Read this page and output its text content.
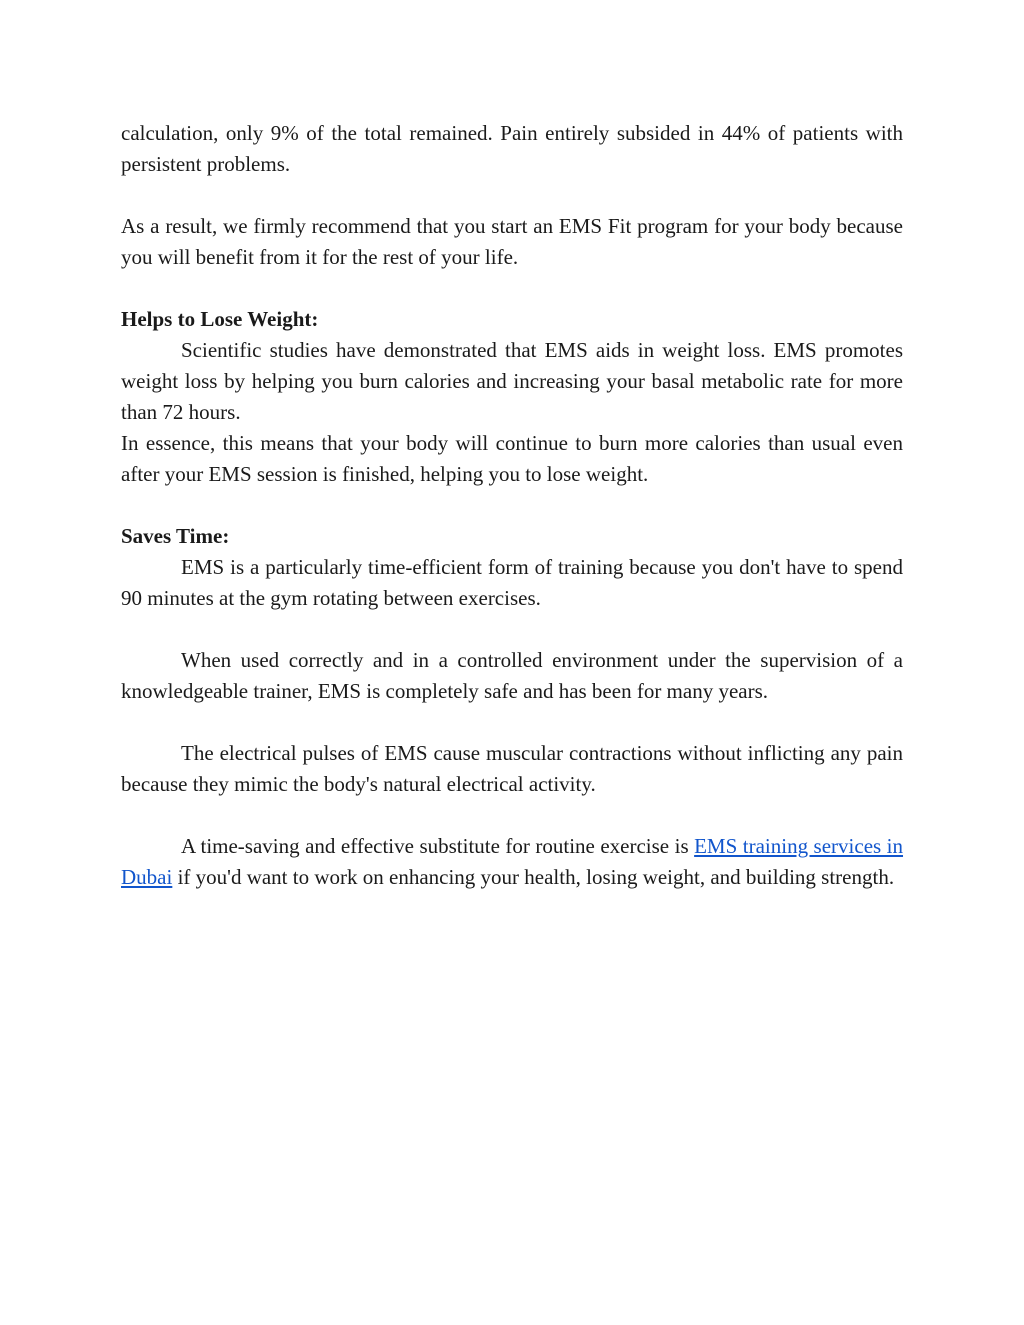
calculation, only 9% of the total remained. Pain entirely subsided in 44% of patients with persistent problems.

As a result, we firmly recommend that you start an EMS Fit program for your body because you will benefit from it for the rest of your life.

Helps to Lose Weight:

Scientific studies have demonstrated that EMS aids in weight loss. EMS promotes weight loss by helping you burn calories and increasing your basal metabolic rate for more than 72 hours.

In essence, this means that your body will continue to burn more calories than usual even after your EMS session is finished, helping you to lose weight.

Saves Time:

EMS is a particularly time-efficient form of training because you don't have to spend 90 minutes at the gym rotating between exercises.

When used correctly and in a controlled environment under the supervision of a knowledgeable trainer, EMS is completely safe and has been for many years.

The electrical pulses of EMS cause muscular contractions without inflicting any pain because they mimic the body's natural electrical activity.

A time-saving and effective substitute for routine exercise is EMS training services in Dubai if you'd want to work on enhancing your health, losing weight, and building strength.
